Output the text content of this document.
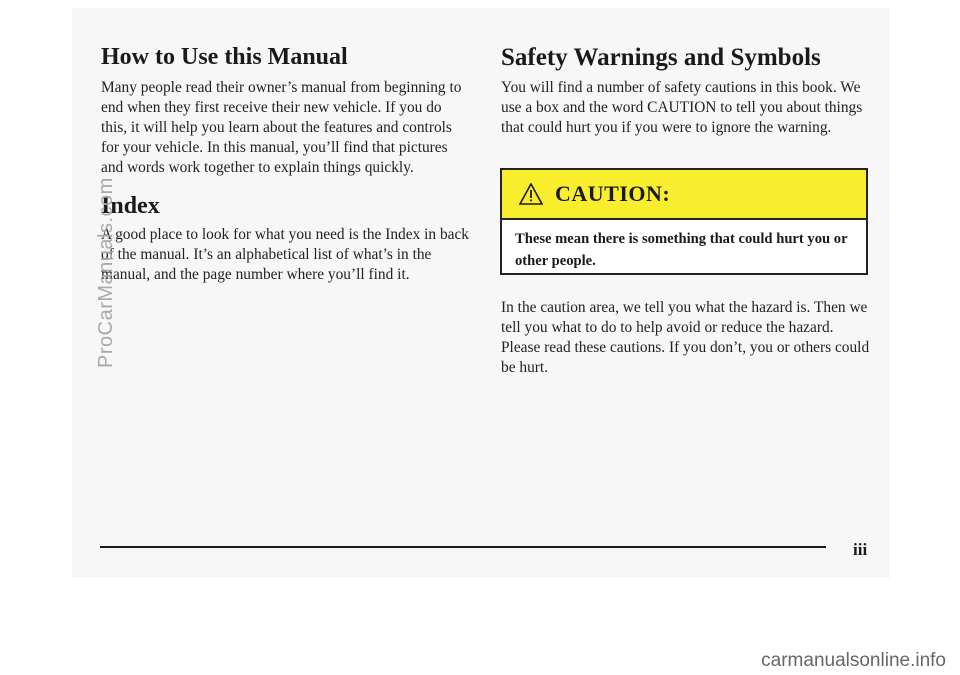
How to Use this Manual

Many people read their owner’s manual from beginning to end when they first receive their new vehicle. If you do this, it will help you learn about the features and controls for your vehicle. In this manual, you’ll find that pictures and words work together to explain things quickly.

Index

A good place to look for what you need is the Index in back of the manual. It’s an alphabetical list of what’s in the manual, and the page number where you’ll find it.

Safety Warnings and Symbols

You will find a number of safety cautions in this book. We use a box and the word CAUTION to tell you about things that could hurt you if you were to ignore the warning.

CAUTION:

These mean there is something that could hurt you or other people.

In the caution area, we tell you what the hazard is. Then we tell you what to do to help avoid or reduce the hazard. Please read these cautions. If you don’t, you or others could be hurt.

iii

ProCarManuals.com
carmanualsonline.info
